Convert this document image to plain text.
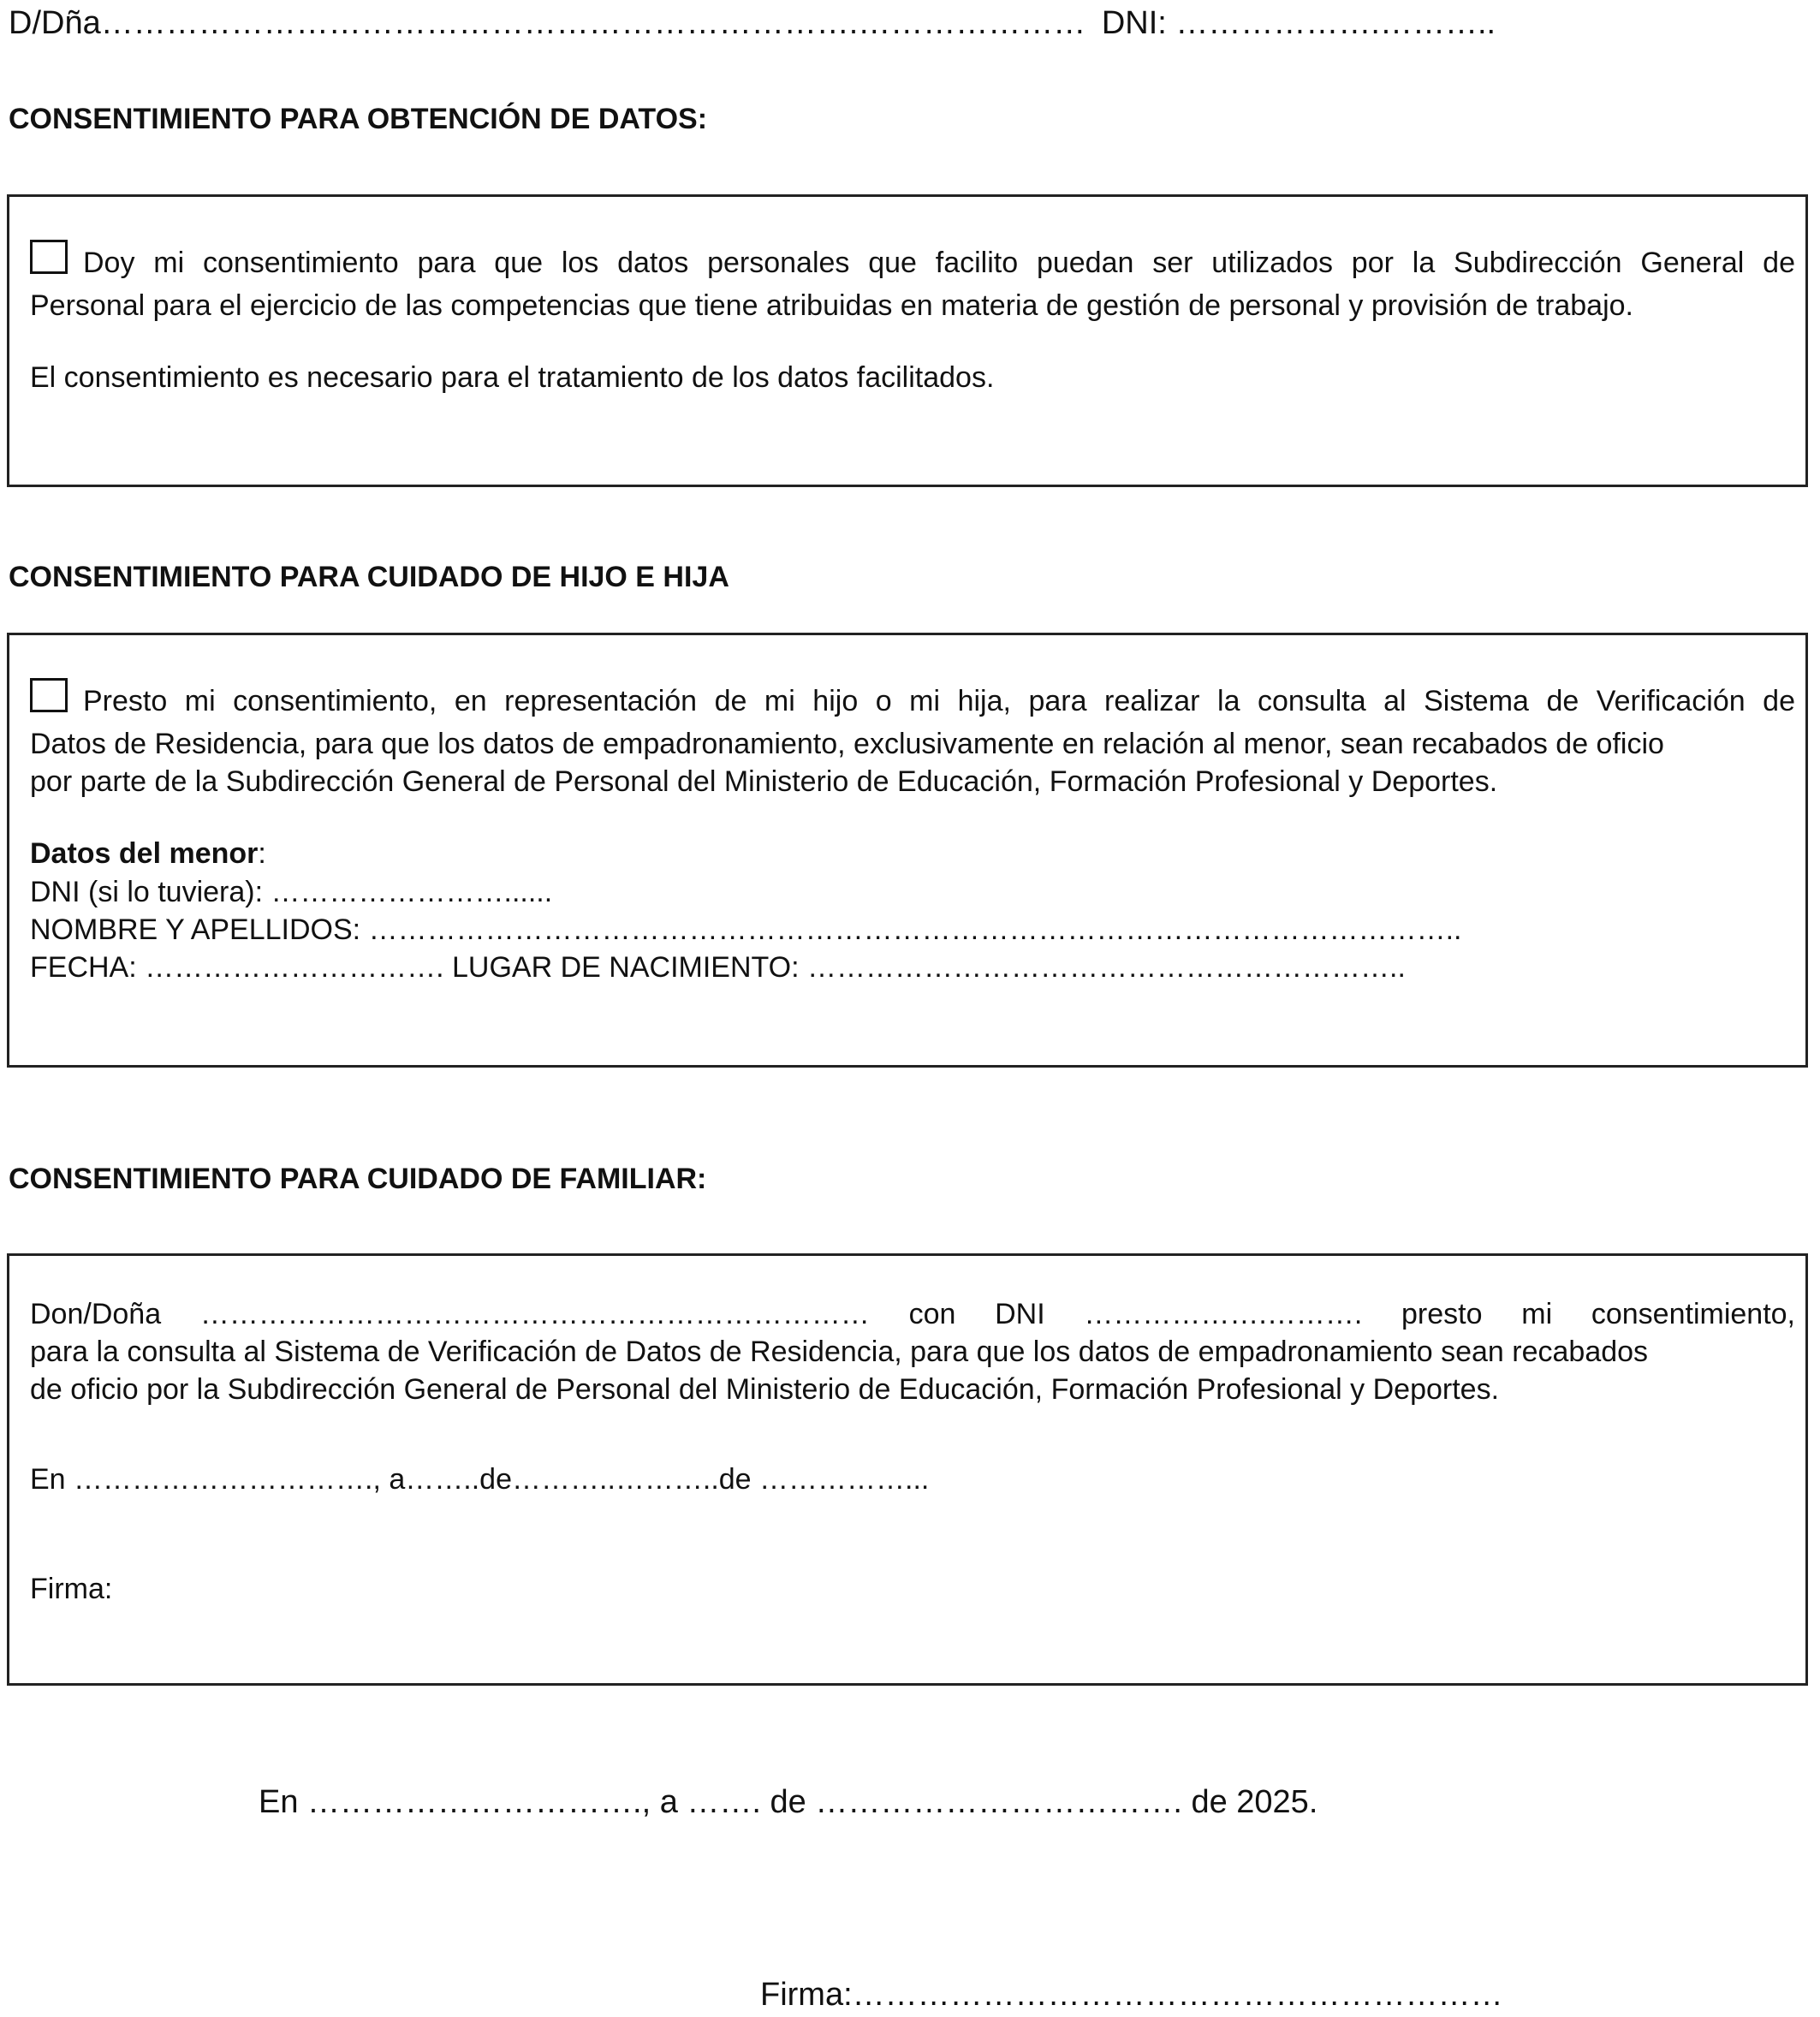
D/Dña…………………………………………………………….………………… DNI: ……………….………..
CONSENTIMIENTO PARA OBTENCIÓN DE DATOS:
Doy mi consentimiento para que los datos personales que facilito puedan ser utilizados por la Subdirección General de
Personal para el ejercicio de las competencias que tiene atribuidas en materia de gestión de personal y provisión de trabajo.
El consentimiento es necesario para el tratamiento de los datos facilitados.
CONSENTIMIENTO PARA CUIDADO DE HIJO E HIJA
Presto mi consentimiento, en representación de mi hijo o mi hija, para realizar la consulta al Sistema de Verificación de
Datos de Residencia, para que los datos de empadronamiento, exclusivamente en relación al menor, sean recabados de oficio
por parte de la Subdirección General de Personal del Ministerio de Educación, Formación Profesional y Deportes.
Datos del menor:
DNI (si lo tuviera): ……………………......
NOMBRE Y APELLIDOS: …………………………………………………………………………………………………..
FECHA: …………………………. LUGAR DE NACIMIENTO: ……………………………………………………..
CONSENTIMIENTO PARA CUIDADO DE FAMILIAR:
Don/Doña …………………………………………………………… con DNI ……………….………. presto mi consentimiento,
para la consulta al Sistema de Verificación de Datos de Residencia, para que los datos de empadronamiento sean recabados
de oficio por la Subdirección General de Personal del Ministerio de Educación, Formación Profesional y Deportes.
En …………………………., a……..de………..………..de ……………...
Firma:
En …………………………., a ……. de ……………………………. de 2025.
Firma:……………………………………………………
